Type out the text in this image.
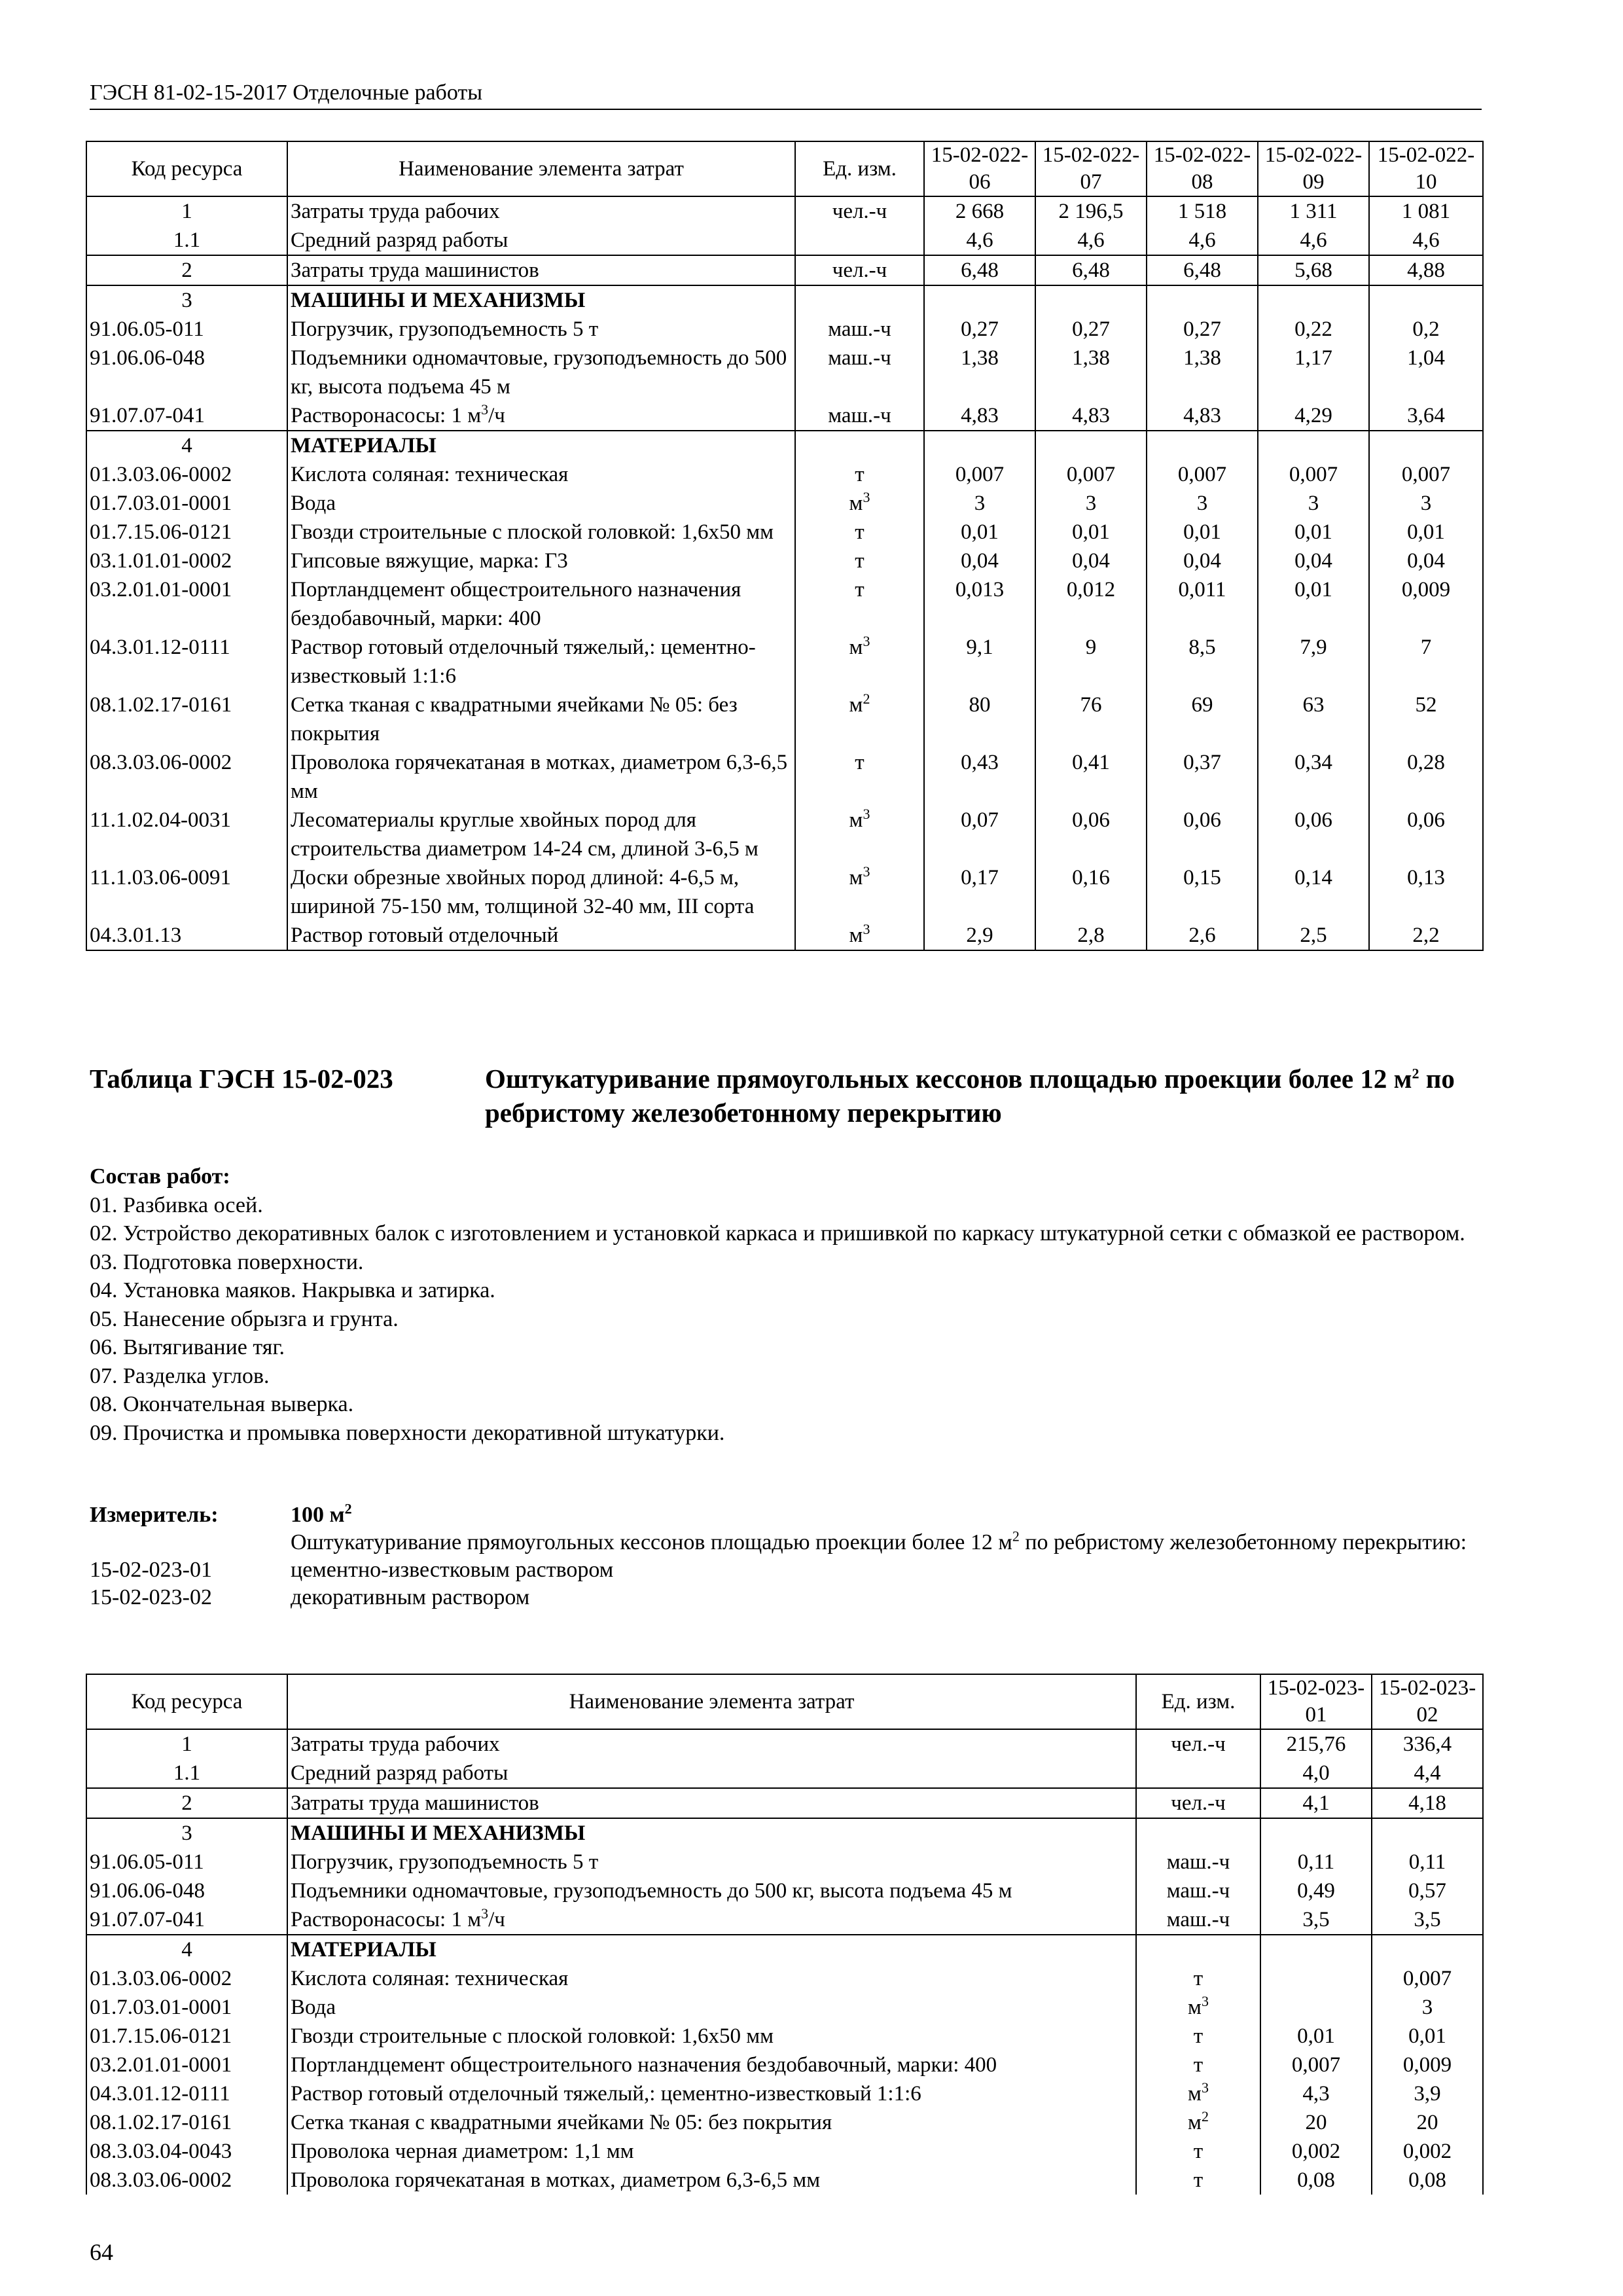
ГЭСН 81-02-15-2017 Отделочные работы
Код ресурса	Наименование элемента затрат	Ед. изм.	15-02-022-06	15-02-022-07	15-02-022-08	15-02-022-09	15-02-022-10
1	Затраты труда рабочих	чел.-ч	2 668	2 196,5	1 518	1 311	1 081
1.1	Средний разряд работы		4,6	4,6	4,6	4,6	4,6
2	Затраты труда машинистов	чел.-ч	6,48	6,48	6,48	5,68	4,88
3	МАШИНЫ И МЕХАНИЗМЫ						
91.06.05-011	Погрузчик, грузоподъемность 5 т	маш.-ч	0,27	0,27	0,27	0,22	0,2
91.06.06-048	Подъемники одномачтовые, грузоподъемность до 500 кг, высота подъема 45 м	маш.-ч	1,38	1,38	1,38	1,17	1,04
91.07.07-041	Растворонасосы: 1 $м^3/ч$	маш.-ч	4,83	4,83	4,83	4,29	3,64
4	МАТЕРИАЛЫ						
01.3.03.06-0002	Кислота соляная: техническая	т	0,007	0,007	0,007	0,007	0,007
01.7.03.01-0001	Вода	$м^3$	3	3	3	3	3
01.7.15.06-0121	Гвозди строительные с плоской головкой: 1,6х50 мм	т	0,01	0,01	0,01	0,01	0,01
03.1.01.01-0002	Гипсовые вяжущие, марка: Г3	т	0,04	0,04	0,04	0,04	0,04
03.2.01.01-0001	Портландцемент общестроительного назначения бездобавочный, марки: 400	т	0,013	0,012	0,011	0,01	0,009
04.3.01.12-0111	Раствор готовый отделочный тяжелый,: цементно-известковый 1:1:6	$м^3$	9,1	9	8,5	7,9	7
08.1.02.17-0161	Сетка тканая с квадратными ячейками № 05: без покрытия	$м^2$	80	76	69	63	52
08.3.03.06-0002	Проволока горячекатаная в мотках, диаметром 6,3-6,5 мм	т	0,43	0,41	0,37	0,34	0,28
11.1.02.04-0031	Лесоматериалы круглые хвойных пород для строительства диаметром 14-24 см, длиной 3-6,5 м	$м^3$	0,07	0,06	0,06	0,06	0,06
11.1.03.06-0091	Доски обрезные хвойных пород длиной: 4-6,5 м, шириной 75-150 мм, толщиной 32-40 мм, III сорта	$м^3$	0,17	0,16	0,15	0,14	0,13
04.3.01.13	Раствор готовый отделочный	$м^3$	2,9	2,8	2,6	2,5	2,2
Таблица ГЭСН 15-02-023	Оштукатуривание прямоугольных кессонов площадью проекции более 12 $м^2$ по ребристому железобетонному перекрытию
Состав работ:
01. Разбивка осей.
02. Устройство декоративных балок с изготовлением и установкой каркаса и пришивкой по каркасу штукатурной сетки с обмазкой ее раствором.
03. Подготовка поверхности.
04. Установка маяков. Накрывка и затирка.
05. Нанесение обрызга и грунта.
06. Вытягивание тяг.
07. Разделка углов.
08. Окончательная выверка.
09. Прочистка и промывка поверхности декоративной штукатурки.
Измеритель:	100 $м^2$
Оштукатуривание прямоугольных кессонов площадью проекции более 12 $м^2$ по ребристому железобетонному перекрытию:
15-02-023-01	цементно-известковым раствором
15-02-023-02	декоративным раствором
Код ресурса	Наименование элемента затрат	Ед. изм.	15-02-023-01	15-02-023-02
1	Затраты труда рабочих	чел.-ч	215,76	336,4
1.1	Средний разряд работы		4,0	4,4
2	Затраты труда машинистов	чел.-ч	4,1	4,18
3	МАШИНЫ И МЕХАНИЗМЫ			
91.06.05-011	Погрузчик, грузоподъемность 5 т	маш.-ч	0,11	0,11
91.06.06-048	Подъемники одномачтовые, грузоподъемность до 500 кг, высота подъема 45 м	маш.-ч	0,49	0,57
91.07.07-041	Растворонасосы: 1 $м^3/ч$	маш.-ч	3,5	3,5
4	МАТЕРИАЛЫ			
01.3.03.06-0002	Кислота соляная: техническая	т		0,007
01.7.03.01-0001	Вода	$м^3$		3
01.7.15.06-0121	Гвозди строительные с плоской головкой: 1,6х50 мм	т	0,01	0,01
03.2.01.01-0001	Портландцемент общестроительного назначения бездобавочный, марки: 400	т	0,007	0,009
04.3.01.12-0111	Раствор готовый отделочный тяжелый,: цементно-известковый 1:1:6	$м^3$	4,3	3,9
08.1.02.17-0161	Сетка тканая с квадратными ячейками № 05: без покрытия	$м^2$	20	20
08.3.03.04-0043	Проволока черная диаметром: 1,1 мм	т	0,002	0,002
08.3.03.06-0002	Проволока горячекатаная в мотках, диаметром 6,3-6,5 мм	т	0,08	0,08
64
